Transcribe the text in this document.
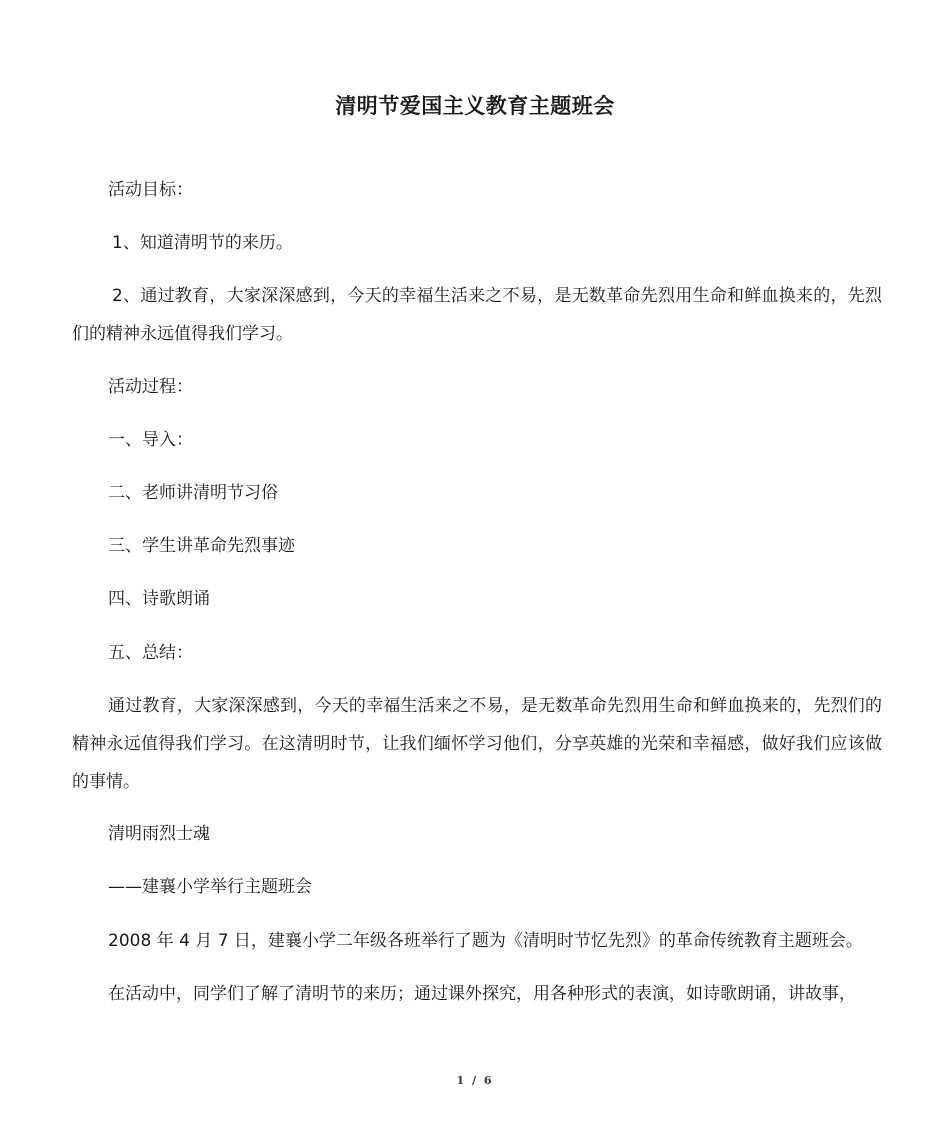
清明节爱国主义教育主题班会

活动目标：

1、知道清明节的来历。

2、通过教育，大家深深感到，今天的幸福生活来之不易，是无数革命先烈用生命和鲜血换来的，先烈们的精神永远值得我们学习。

活动过程：

一、导入：

二、老师讲清明节习俗

三、学生讲革命先烈事迹

四、诗歌朗诵

五、总结：

通过教育，大家深深感到，今天的幸福生活来之不易，是无数革命先烈用生命和鲜血换来的，先烈们的精神永远值得我们学习。在这清明时节，让我们缅怀学习他们，分享英雄的光荣和幸福感，做好我们应该做的事情。

清明雨烈士魂

——建襄小学举行主题班会

2008 年 4 月 7 日，建襄小学二年级各班举行了题为《清明时节忆先烈》的革命传统教育主题班会。

在活动中，同学们了解了清明节的来历；通过课外探究，用各种形式的表演，如诗歌朗诵，讲故事，

1 / 6
